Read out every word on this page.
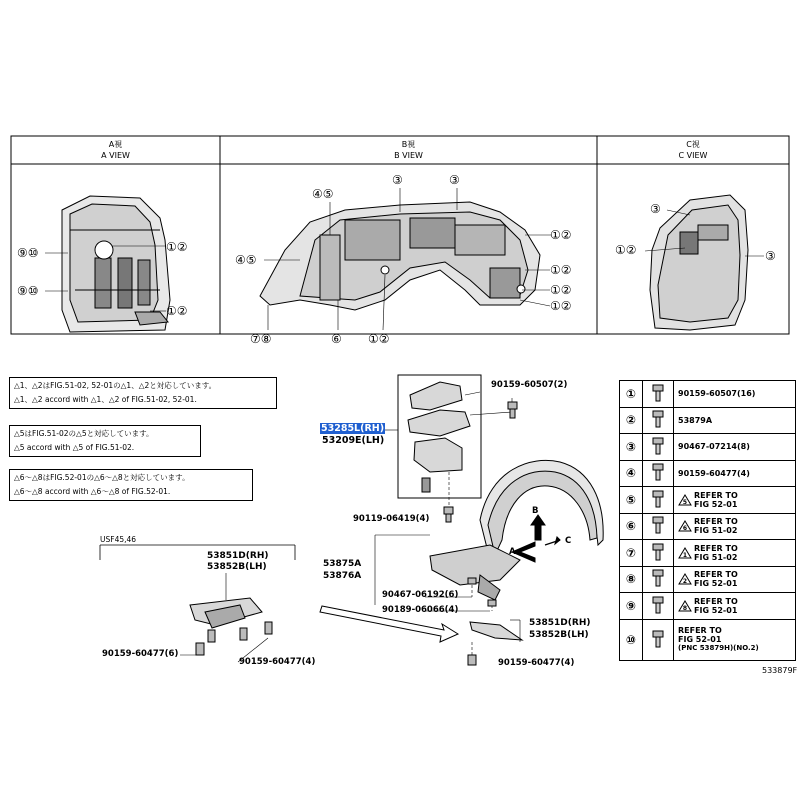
A視
A VIEW
B視
B VIEW
C視
C VIEW
①②
⑨⑩
⑨⑩
①②
④⑤
③	③
①②
④⑤
①②
①②
①②
⑦⑧	⑥ ①②
③
①②	③
△1、△2はFIG.51-02, 52-01の△1、△2と対応しています。
△1、△2 accord with △1、△2 of FIG.51-02, 52-01.
△5はFIG.51-02の△5と対応しています。
△5 accord with △5 of FIG.51-02.
△6～△8はFIG.52-01の△6～△8と対応しています。
△6～△8 accord with △6～△8 of FIG.52-01.
90159-60507(2)
53285L(RH)
53209E(LH)
90119-06419(4)
USF45,46
53851D(RH)
53852B(LH)	53875A
53876A
90467-06192(6)
90189-06066(4)
53851D(RH)
53852B(LH)
90159-60477(6)
90159-60477(4)	90159-60477(4)
B
A
C
533879F
①		90159-60507(16)

②		53879A

③		90467-07214(8)

④		90159-60477(4)

⑤		5
REFER TO
FIG 52-01

⑥		6
REFER TO
FIG 51-02

⑦		1
REFER TO
FIG 51-02

⑧		2
REFER TO
FIG 52-01

⑨		8
REFER TO
FIG 52-01

⑩		REFER TO
FIG 52-01
(PNC 53879H)(NO.2)
